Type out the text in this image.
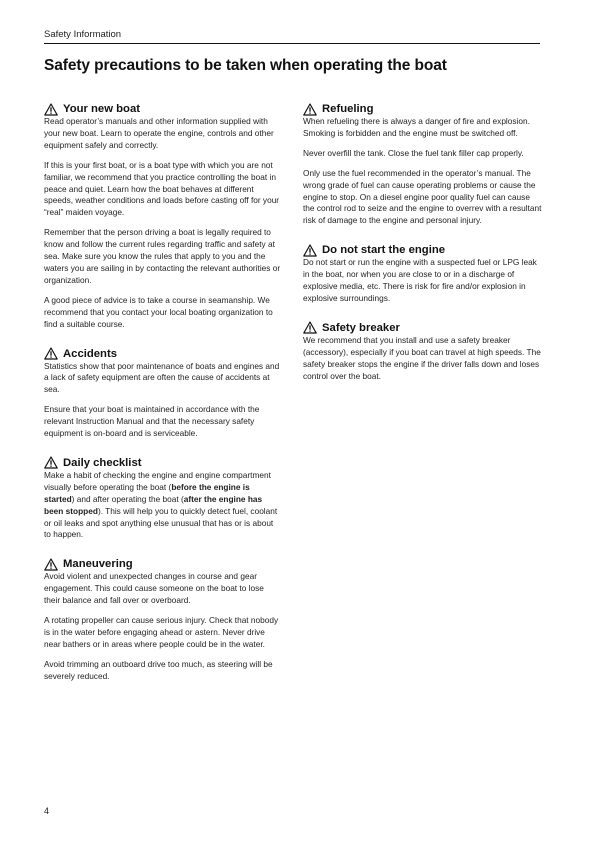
Safety Information
Safety precautions to be taken when operating the boat
Your new boat

Read operator’s manuals and other information supplied with your new boat. Learn to operate the engine, controls and other equipment safely and correctly.

If this is your first boat, or is a boat type with which you are not familiar, we recommend that you practice controlling the boat in peace and quiet. Learn how the boat behaves at different speeds, weather conditions and loads before casting off for your “real” maiden voyage.

Remember that the person driving a boat is legally required to know and follow the current rules regarding traffic and safety at sea. Make sure you know the rules that apply to you and the waters you are sailing in by contacting the relevant authorities or organization.

A good piece of advice is to take a course in seamanship. We recommend that you contact your local boating organization to find a suitable course.

Accidents

Statistics show that poor maintenance of boats and engines and a lack of safety equipment are often the cause of accidents at sea.

Ensure that your boat is maintained in accordance with the relevant Instruction Manual and that the necessary safety equipment is on-board and is serviceable.

Daily checklist

Make a habit of checking the engine and engine compartment visually before operating the boat (before the engine is started) and after operating the boat (after the engine has been stopped). This will help you to quickly detect fuel, coolant or oil leaks and spot anything else unusual that has or is about to happen.

Maneuvering

Avoid violent and unexpected changes in course and gear engagement. This could cause someone on the boat to lose their balance and fall over or overboard.

A rotating propeller can cause serious injury. Check that nobody is in the water before engaging ahead or astern. Never drive near bathers or in areas where people could be in the water.

Avoid trimming an outboard drive too much, as steering will be severely reduced.

Refueling

When refueling there is always a danger of fire and explosion. Smoking is forbidden and the engine must be switched off.

Never overfill the tank. Close the fuel tank filler cap properly.

Only use the fuel recommended in the operator’s manual. The wrong grade of fuel can cause operating problems or cause the engine to stop. On a diesel engine poor quality fuel can cause the control rod to seize and the engine to overrev with a resultant risk of damage to the engine and personal injury.

Do not start the engine

Do not start or run the engine with a suspected fuel or LPG leak in the boat, nor when you are close to or in a discharge of explosive media, etc. There is risk for fire and/or explosion in explosive surroundings.

Safety breaker

We recommend that you install and use a safety breaker (accessory), especially if you boat can travel at high speeds. The safety breaker stops the engine if the driver falls down and loses control over the boat.

4
